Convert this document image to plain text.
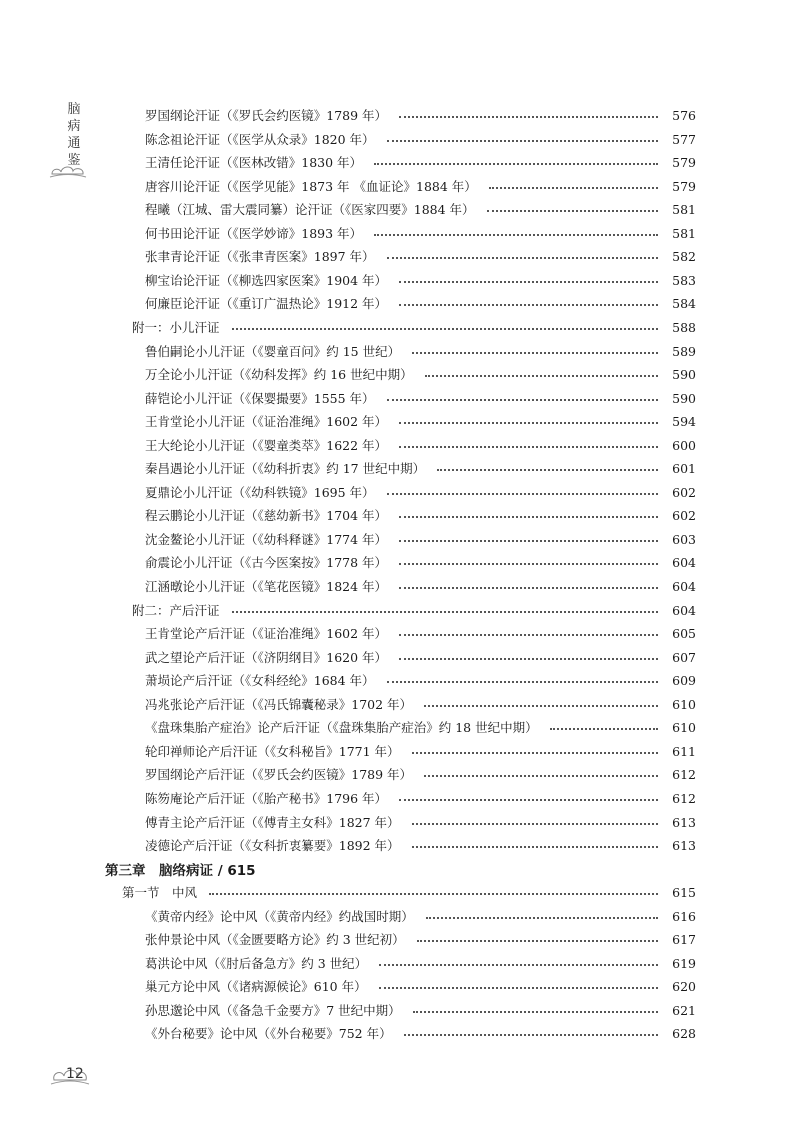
脑病通鉴
罗国纲论汗证（《罗氏会约医镜》1789 年）	576
陈念祖论汗证（《医学从众录》1820 年）	577
王清任论汗证（《医林改错》1830 年）	579
唐容川论汗证（《医学见能》1873 年 《血证论》1884 年）	579
程曦（江城、雷大震同纂）论汗证（《医家四要》1884 年）	581
何书田论汗证（《医学妙谛》1893 年）	581
张聿青论汗证（《张聿青医案》1897 年）	582
柳宝诒论汗证（《柳选四家医案》1904 年）	583
何廉臣论汗证（《重订广温热论》1912 年）	584
附一：小儿汗证	588
鲁伯嗣论小儿汗证（《婴童百问》约 15 世纪）	589
万全论小儿汗证（《幼科发挥》约 16 世纪中期）	590
薛铠论小儿汗证（《保婴撮要》1555 年）	590
王肯堂论小儿汗证（《证治准绳》1602 年）	594
王大纶论小儿汗证（《婴童类萃》1622 年）	600
秦昌遇论小儿汗证（《幼科折衷》约 17 世纪中期）	601
夏鼎论小儿汗证（《幼科铁镜》1695 年）	602
程云鹏论小儿汗证（《慈幼新书》1704 年）	602
沈金鳌论小儿汗证（《幼科释谜》1774 年）	603
俞震论小儿汗证（《古今医案按》1778 年）	604
江涵暾论小儿汗证（《笔花医镜》1824 年）	604
附二：产后汗证	604
王肯堂论产后汗证（《证治准绳》1602 年）	605
武之望论产后汗证（《济阴纲目》1620 年）	607
萧埙论产后汗证（《女科经纶》1684 年）	609
冯兆张论产后汗证（《冯氏锦囊秘录》1702 年）	610
《盘珠集胎产症治》论产后汗证（《盘珠集胎产症治》约 18 世纪中期）	610
轮印禅师论产后汗证（《女科秘旨》1771 年）	611
罗国纲论产后汗证（《罗氏会约医镜》1789 年）	612
陈笏庵论产后汗证（《胎产秘书》1796 年）	612
傅青主论产后汗证（《傅青主女科》1827 年）	613
凌德论产后汗证（《女科折衷纂要》1892 年）	613
第三章　脑络病证 / 615
第一节　中风	615
《黄帝内经》论中风（《黄帝内经》约战国时期）	616
张仲景论中风（《金匮要略方论》约 3 世纪初）	617
葛洪论中风（《肘后备急方》约 3 世纪）	619
巢元方论中风（《诸病源候论》610 年）	620
孙思邈论中风（《备急千金要方》7 世纪中期）	621
《外台秘要》论中风（《外台秘要》752 年）	628
12
